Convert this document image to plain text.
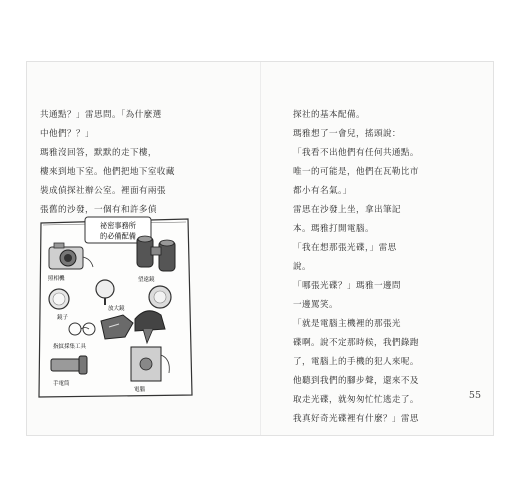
共通點？」雷思問。「為什麼選

中他們？？」

瑪雅沒回答，默默的走下樓，

樓來到地下室。他們把地下室收藏

裝成偵探社辦公室。裡面有兩張

張舊的沙發，一個有和許多偵

探社的基本配備。

瑪雅想了一會兒，搖頭說：

「我看不出他們有任何共通點。

唯一的可能是，他們在瓦勒比市

都小有名氣。」

雷思在沙發上坐，拿出筆記

本。瑪雅打開電腦。

「我在想那張光碟，」雷思

說。

「哪張光碟？」瑪雅一邊問

一邊罵笑。

「就是電腦主機裡的那張光

碟啊。說不定那時候，我們錄跑

了，電腦上的手機的犯人來呢。

他聽到我們的腳步聲，還來不及

取走光碟，就匆匆忙忙逃走了。

我真好奇光碟裡有什麼？」雷思

55
祕密事務所
的必備配備
照相機	望遠鏡
鏡子
放大鏡
指紋採集工具
手電筒
電腦
